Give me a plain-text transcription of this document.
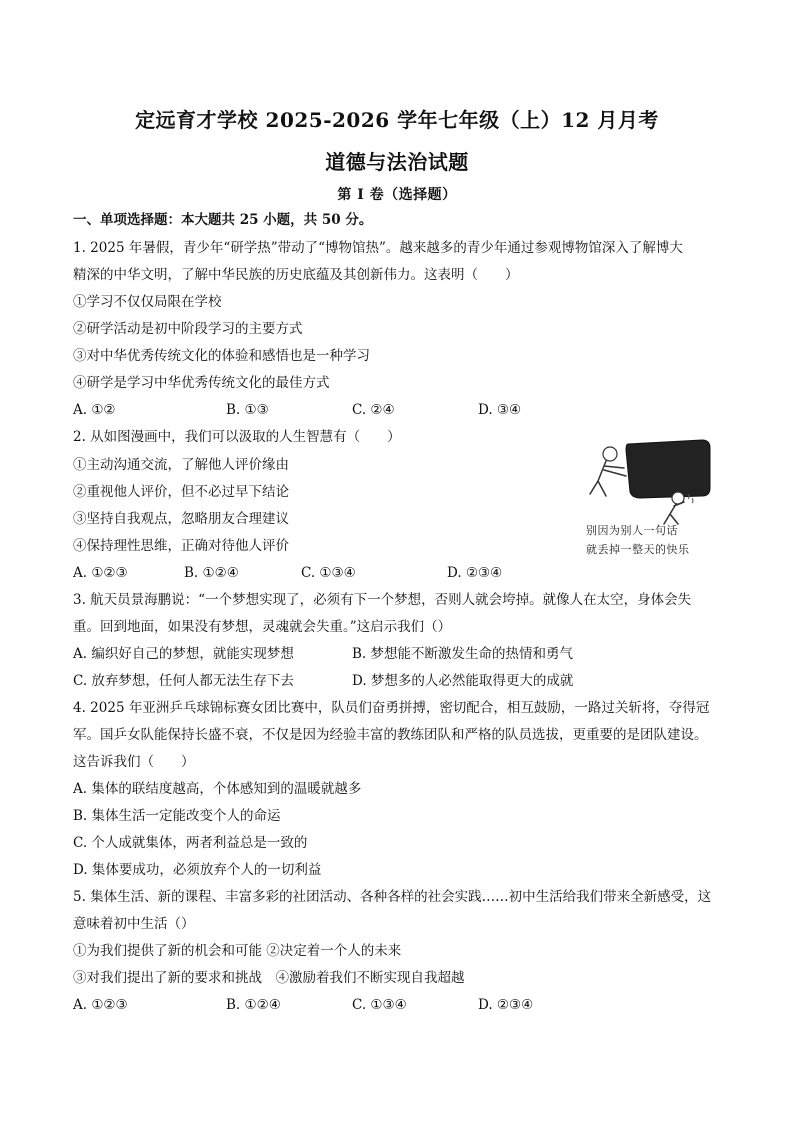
定远育才学校 2025-2026 学年七年级（上）12 月月考
道德与法治试题
第 I 卷（选择题）
一、单项选择题：本大题共 25 小题，共 50 分。
1. 2025 年暑假，青少年“研学热”带动了“博物馆热”。越来越多的青少年通过参观博物馆深入了解博大
精深的中华文明，了解中华民族的历史底蕴及其创新伟力。这表明（　　）
①学习不仅仅局限在学校
②研学活动是初中阶段学习的主要方式
③对中华优秀传统文化的体验和感悟也是一种学习
④研学是学习中华优秀传统文化的最佳方式
A. ①②	B. ①③	C. ②④	D. ③④
2. 从如图漫画中，我们可以汲取的人生智慧有（　　）
①主动沟通交流，了解他人评价缘由
②重视他人评价，但不必过早下结论
③坚持自我观点，忽略朋友合理建议
④保持理性思维，正确对待他人评价
A. ①②③	B. ①②④	C. ①③④	D. ②③④
别因为别人一句话
就丢掉一整天的快乐
3. 航天员景海鹏说：“一个梦想实现了，必须有下一个梦想，否则人就会垮掉。就像人在太空，身体会失
重。回到地面，如果没有梦想，灵魂就会失重。”这启示我们（）
A. 编织好自己的梦想，就能实现梦想	B. 梦想能不断激发生命的热情和勇气
C. 放弃梦想，任何人都无法生存下去	D. 梦想多的人必然能取得更大的成就
4. 2025 年亚洲乒乓球锦标赛女团比赛中，队员们奋勇拼搏，密切配合，相互鼓励，一路过关斩将，夺得冠
军。国乒女队能保持长盛不衰，不仅是因为经验丰富的教练团队和严格的队员选拔，更重要的是团队建设。
这告诉我们（　　）
A. 集体的联结度越高，个体感知到的温暖就越多
B. 集体生活一定能改变个人的命运
C. 个人成就集体，两者利益总是一致的
D. 集体要成功，必须放弃个人的一切利益
5. 集体生活、新的课程、丰富多彩的社团活动、各种各样的社会实践……初中生活给我们带来全新感受，这
意味着初中生活（）
①为我们提供了新的机会和可能 ②决定着一个人的未来
③对我们提出了新的要求和挑战　④激励着我们不断实现自我超越
A. ①②③	B. ①②④	C. ①③④	D. ②③④
